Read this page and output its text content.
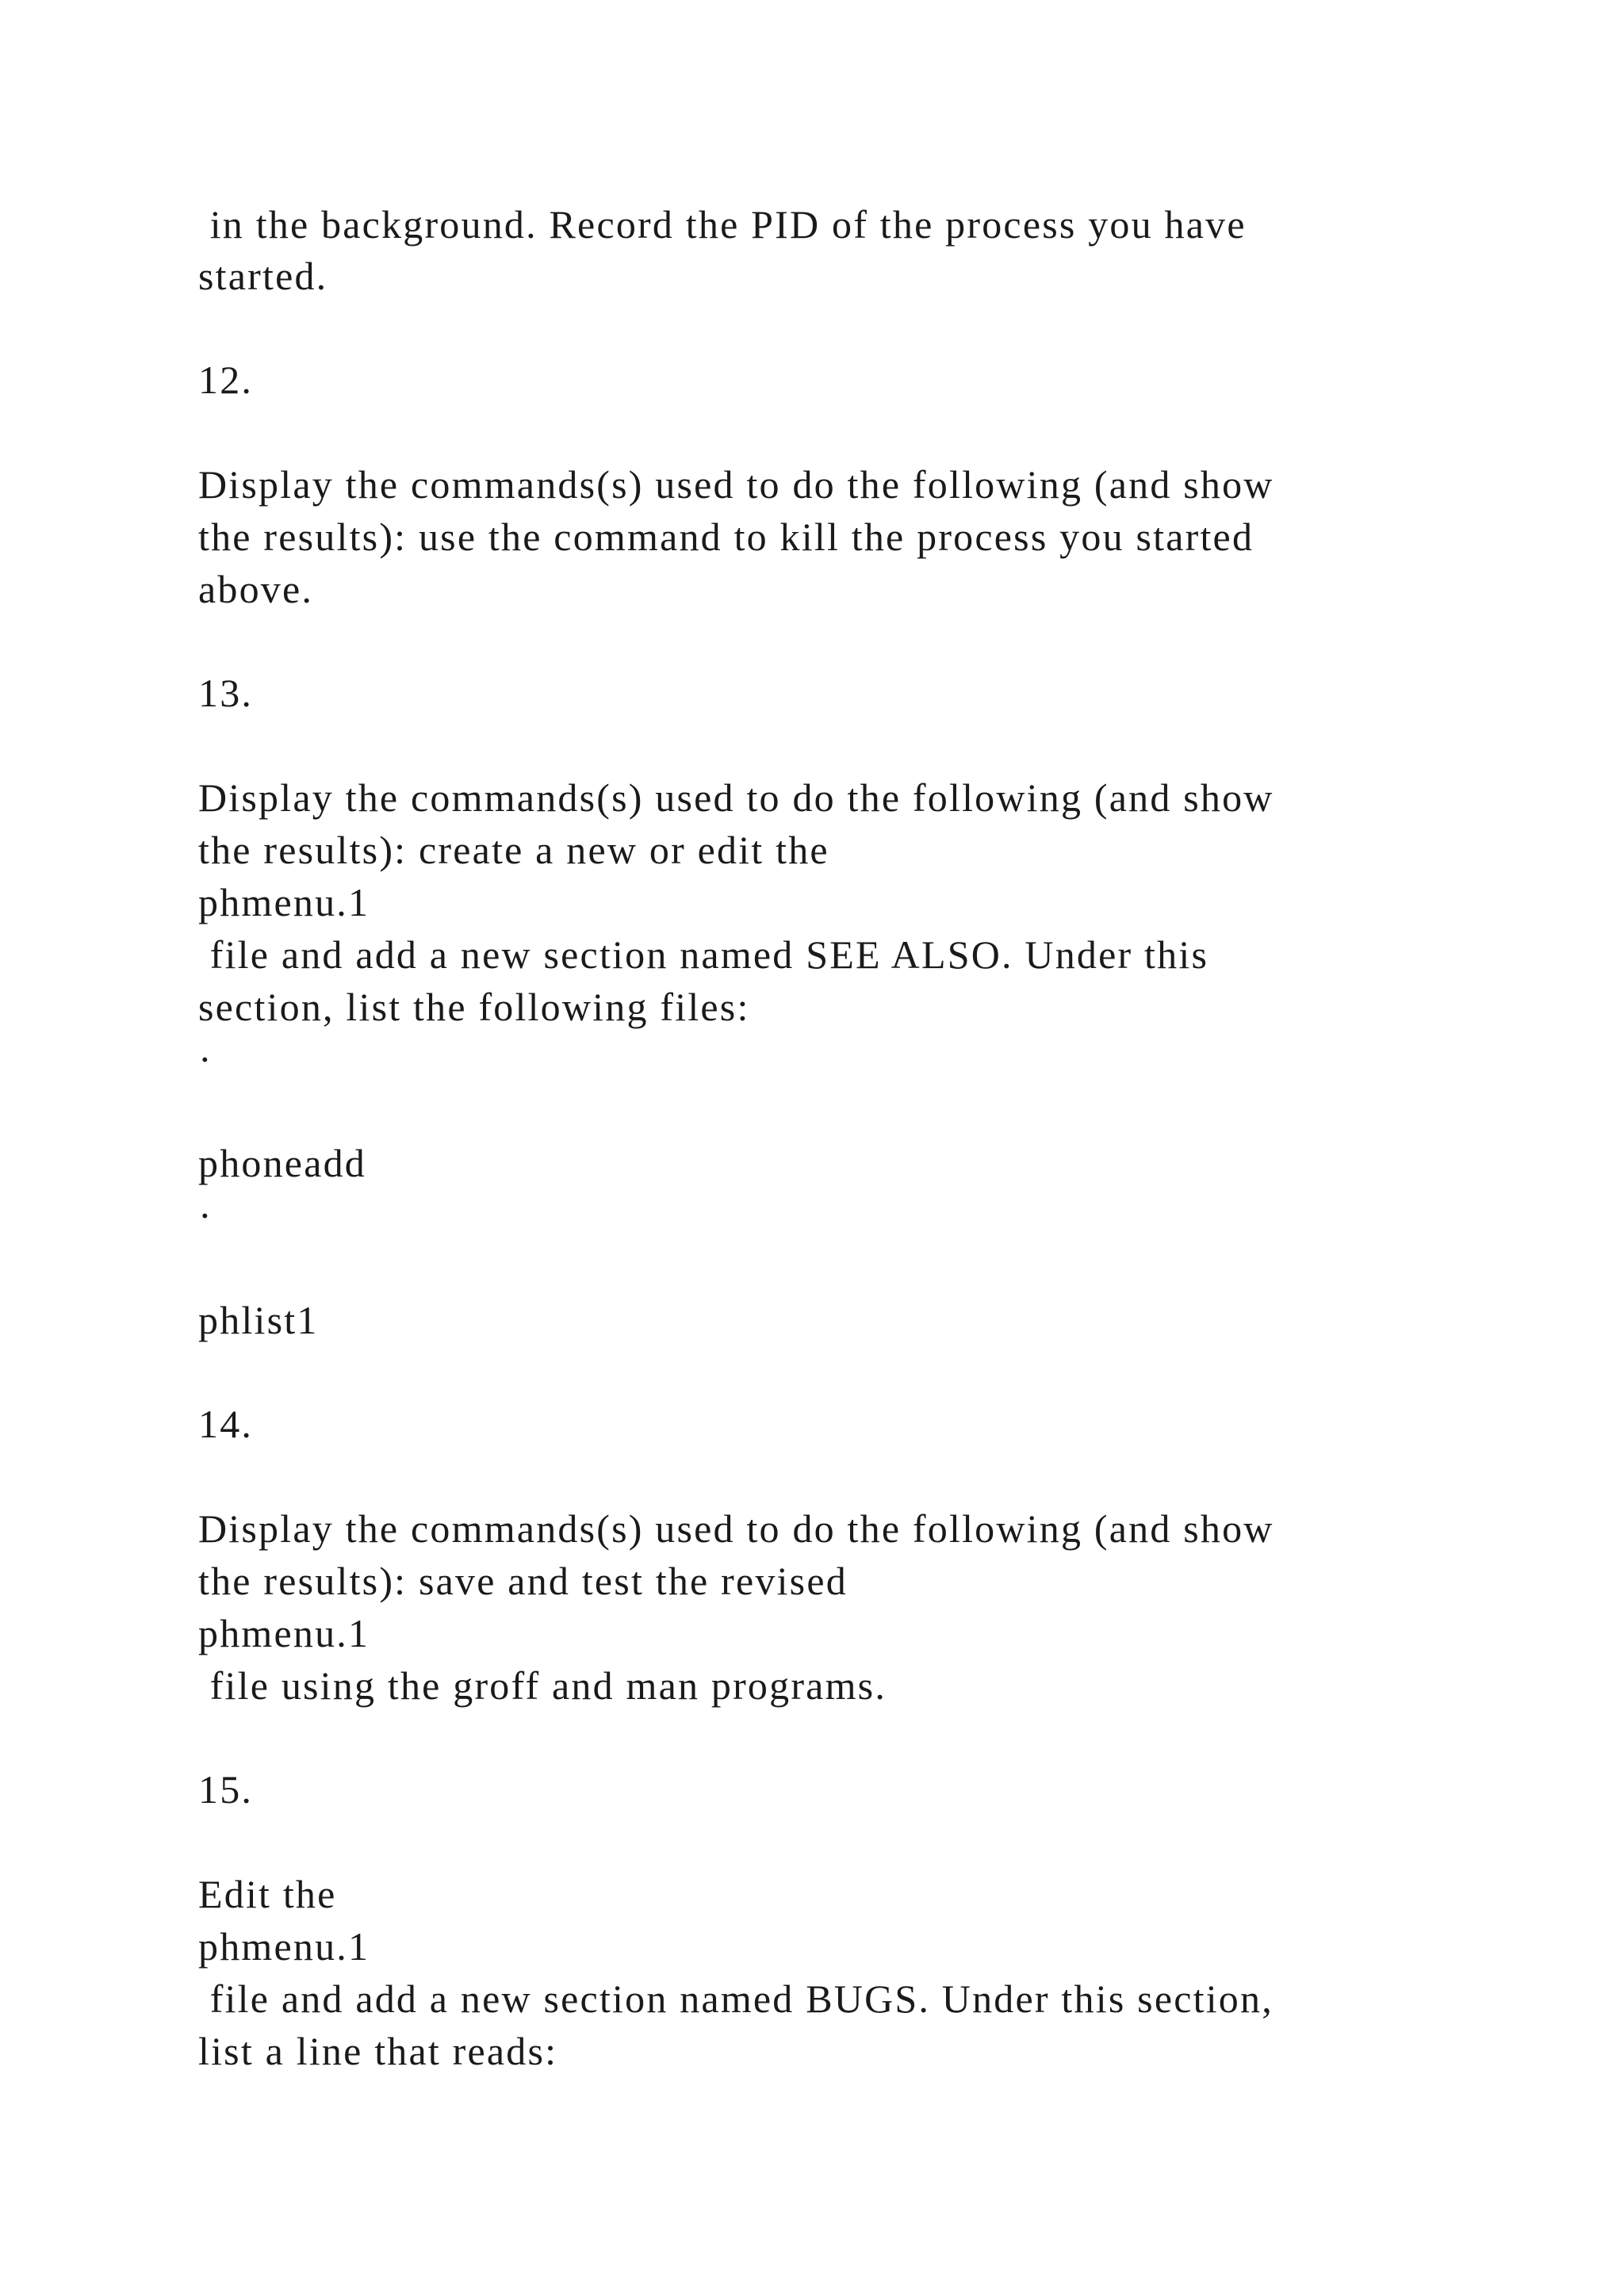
in the background. Record the PID of the process you have

started.

12.

Display the commands(s) used to do the following (and show

the results): use the command to kill the process you started

above.

13.

Display the commands(s) used to do the following (and show

the results): create a new or edit the

phmenu.1

file and add a new section named SEE ALSO. Under this

section, list the following files:

·

phoneadd

·

phlist1

14.

Display the commands(s) used to do the following (and show

the results): save and test the revised

phmenu.1

file using the groff and man programs.

15.

Edit the

phmenu.1

file and add a new section named BUGS. Under this section,

list a line that reads:
